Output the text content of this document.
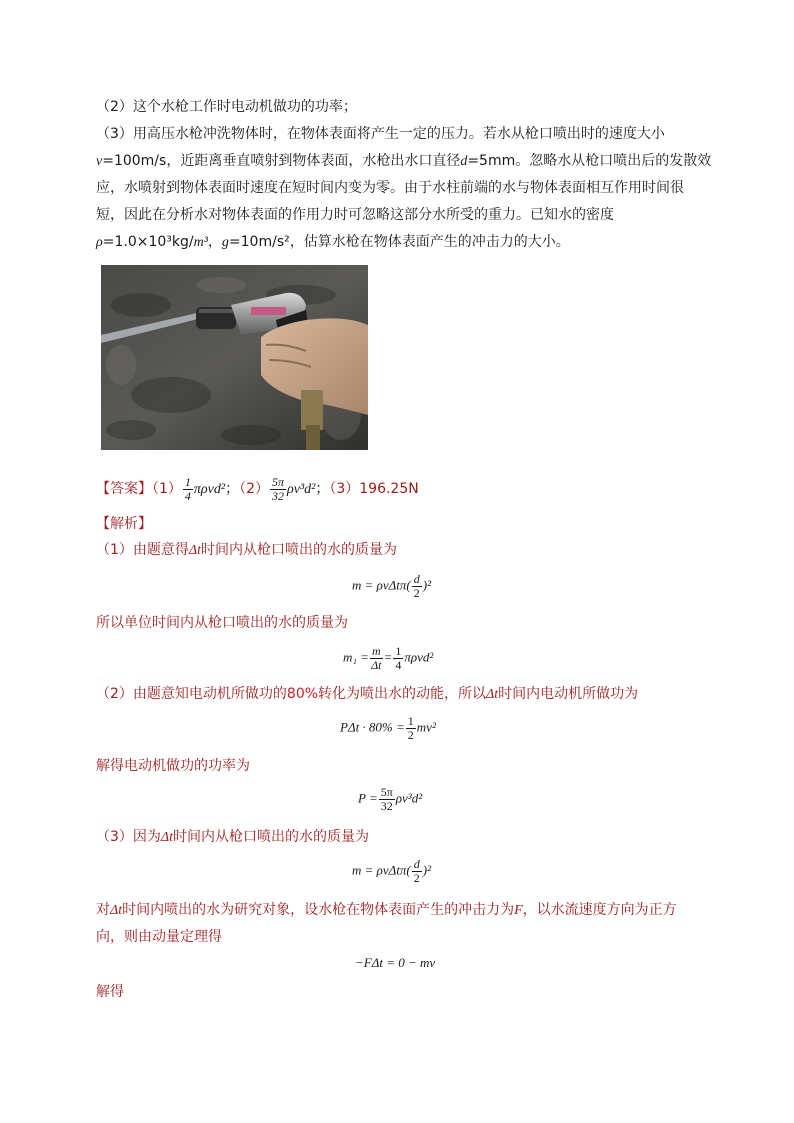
（2）这个水枪工作时电动机做功的功率；
（3）用高压水枪冲洗物体时，在物体表面将产生一定的压力。若水从枪口喷出时的速度大小
v=100m/s，近距离垂直喷射到物体表面，水枪出水口直径d=5mm。忽略水从枪口喷出后的发散效
应，水喷射到物体表面时速度在短时间内变为零。由于水柱前端的水与物体表面相互作用时间很
短，因此在分析水对物体表面的作用力时可忽略这部分水所受的重力。已知水的密度
ρ=1.0×10³kg/m³，g=10m/s²，估算水枪在物体表面产生的冲击力的大小。
【答案】$(1) \frac{1}{4} \pi\rho vd^2$；$(2) \frac{5\pi}{32} \rho v^3d^2$；（3）196.25N
【解析】
（1）由题意得Δt时间内从枪口喷出的水的质量为
$m = \rho v\Delta t\pi( \frac{d}{2} )^2$
所以单位时间内从枪口喷出的水的质量为
$m_1 = \frac{m}{\Delta t} = \frac{1}{4} \pi\rho vd^2$
（2）由题意知电动机所做功的80%转化为喷出水的动能，所以Δt时间内电动机所做功为
$P\Delta t \cdot 80\% = \frac{1}{2} mv^2$
解得电动机做功的功率为
$P = \frac{5\pi}{32} \rho v^3d^2$
（3）因为Δt时间内从枪口喷出的水的质量为
$m = \rho v\Delta t\pi( \frac{d}{2} )^2$
对Δt时间内喷出的水为研究对象，设水枪在物体表面产生的冲击力为F，以水流速度方向为正方
向，则由动量定理得
−FΔt = 0 − mv
解得
